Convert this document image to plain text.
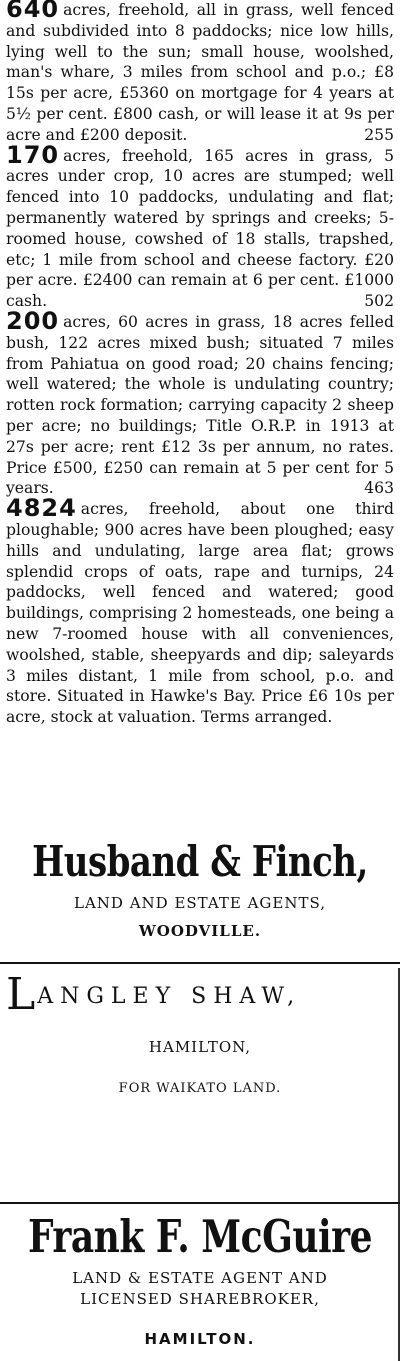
640 acres, freehold, all in grass, well fenced and subdivided into 8 paddocks; nice low hills, lying well to the sun; small house, woolshed, man's whare, 3 miles from school and p.o.; £8 15s per acre, £5360 on mortgage for 4 years at 5½ per cent. £800 cash, or will lease it at 9s per acre and £200 deposit.	255
170 acres, freehold, 165 acres in grass, 5 acres under crop, 10 acres are stumped; well fenced into 10 paddocks, undulating and flat; permanently watered by springs and creeks; 5-roomed house, cowshed of 18 stalls, trapshed, etc; 1 mile from school and cheese factory. £20 per acre. £2400 can remain at 6 per cent. £1000 cash.	502
200 acres, 60 acres in grass, 18 acres felled bush, 122 acres mixed bush; situated 7 miles from Pahiatua on good road; 20 chains fencing; well watered; the whole is undulating country; rotten rock formation; carrying capacity 2 sheep per acre; no buildings; Title O.R.P. in 1913 at 27s per acre; rent £12 3s per annum, no rates. Price £500, £250 can remain at 5 per cent for 5 years.	463
4824 acres, freehold, about one third ploughable; 900 acres have been ploughed; easy hills and undulating, large area flat; grows splendid crops of oats, rape and turnips, 24 paddocks, well fenced and watered; good buildings, comprising 2 homesteads, one being a new 7-roomed house with all conveniences, woolshed, stable, sheepyards and dip; saleyards 3 miles distant, 1 mile from school, p.o. and store. Situated in Hawke's Bay. Price £6 10s per acre, stock at valuation. Terms arranged.
Husband & Finch,
LAND AND ESTATE AGENTS,
WOODVILLE.
LANGLEY SHAW,
HAMILTON,
FOR WAIKATO LAND.
Frank F. McGuire
LAND & ESTATE AGENT AND
LICENSED SHAREBROKER,
HAMILTON.
